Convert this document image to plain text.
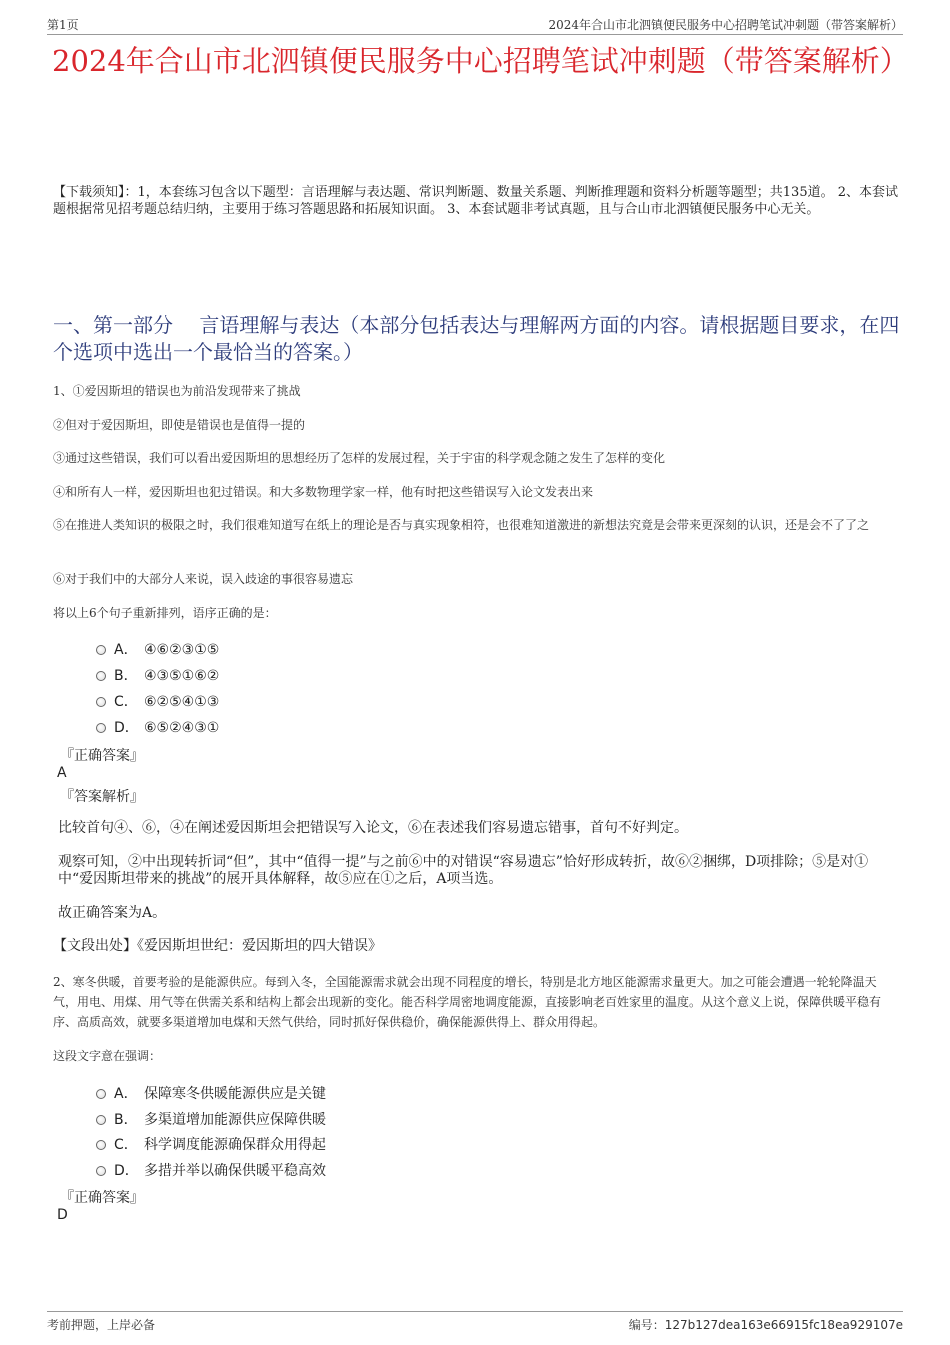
第1页	2024年合山市北泗镇便民服务中心招聘笔试冲刺题（带答案解析）
2024年合山市北泗镇便民服务中心招聘笔试冲刺题（带答案解析）
【下载须知】：1，本套练习包含以下题型：言语理解与表达题、常识判断题、数量关系题、判断推理题和资料分析题等题型；共135道。 2、本套试题根据常见招考题总结归纳，主要用于练习答题思路和拓展知识面。 3、本套试题非考试真题，且与合山市北泗镇便民服务中心无关。
一、第一部分　 言语理解与表达（本部分包括表达与理解两方面的内容。请根据题目要求，在四个选项中选出一个最恰当的答案。）
1、①爱因斯坦的错误也为前沿发现带来了挑战
②但对于爱因斯坦，即使是错误也是值得一提的
③通过这些错误，我们可以看出爱因斯坦的思想经历了怎样的发展过程，关于宇宙的科学观念随之发生了怎样的变化
④和所有人一样，爱因斯坦也犯过错误。和大多数物理学家一样，他有时把这些错误写入论文发表出来
⑤在推进人类知识的极限之时，我们很难知道写在纸上的理论是否与真实现象相符，也很难知道激进的新想法究竟是会带来更深刻的认识，还是会不了了之
⑥对于我们中的大部分人来说，误入歧途的事很容易遗忘
将以上6个句子重新排列，语序正确的是：
A． ④⑥②③①⑤
B． ④③⑤①⑥②
C． ⑥②⑤④①③
D． ⑥⑤②④③①
『正确答案』
A
『答案解析』
比较首句④、⑥，④在阐述爱因斯坦会把错误写入论文，⑥在表述我们容易遗忘错事，首句不好判定。
观察可知，②中出现转折词“但”，其中“值得一提”与之前⑥中的对错误“容易遗忘”恰好形成转折，故⑥②捆绑，D项排除；⑤是对①中“爱因斯坦带来的挑战”的展开具体解释，故⑤应在①之后，A项当选。
故正确答案为A。
【文段出处】《爱因斯坦世纪：爱因斯坦的四大错误》
2、寒冬供暖，首要考验的是能源供应。每到入冬，全国能源需求就会出现不同程度的增长，特别是北方地区能源需求量更大。加之可能会遭遇一轮轮降温天气，用电、用煤、用气等在供需关系和结构上都会出现新的变化。能否科学周密地调度能源，直接影响老百姓家里的温度。从这个意义上说，保障供暖平稳有序、高质高效，就要多渠道增加电煤和天然气供给，同时抓好保供稳价，确保能源供得上、群众用得起。
这段文字意在强调：
A． 保障寒冬供暖能源供应是关键
B． 多渠道增加能源供应保障供暖
C． 科学调度能源确保群众用得起
D． 多措并举以确保供暖平稳高效
『正确答案』
D
考前押题，上岸必备	编号：127b127dea163e66915fc18ea929107e
